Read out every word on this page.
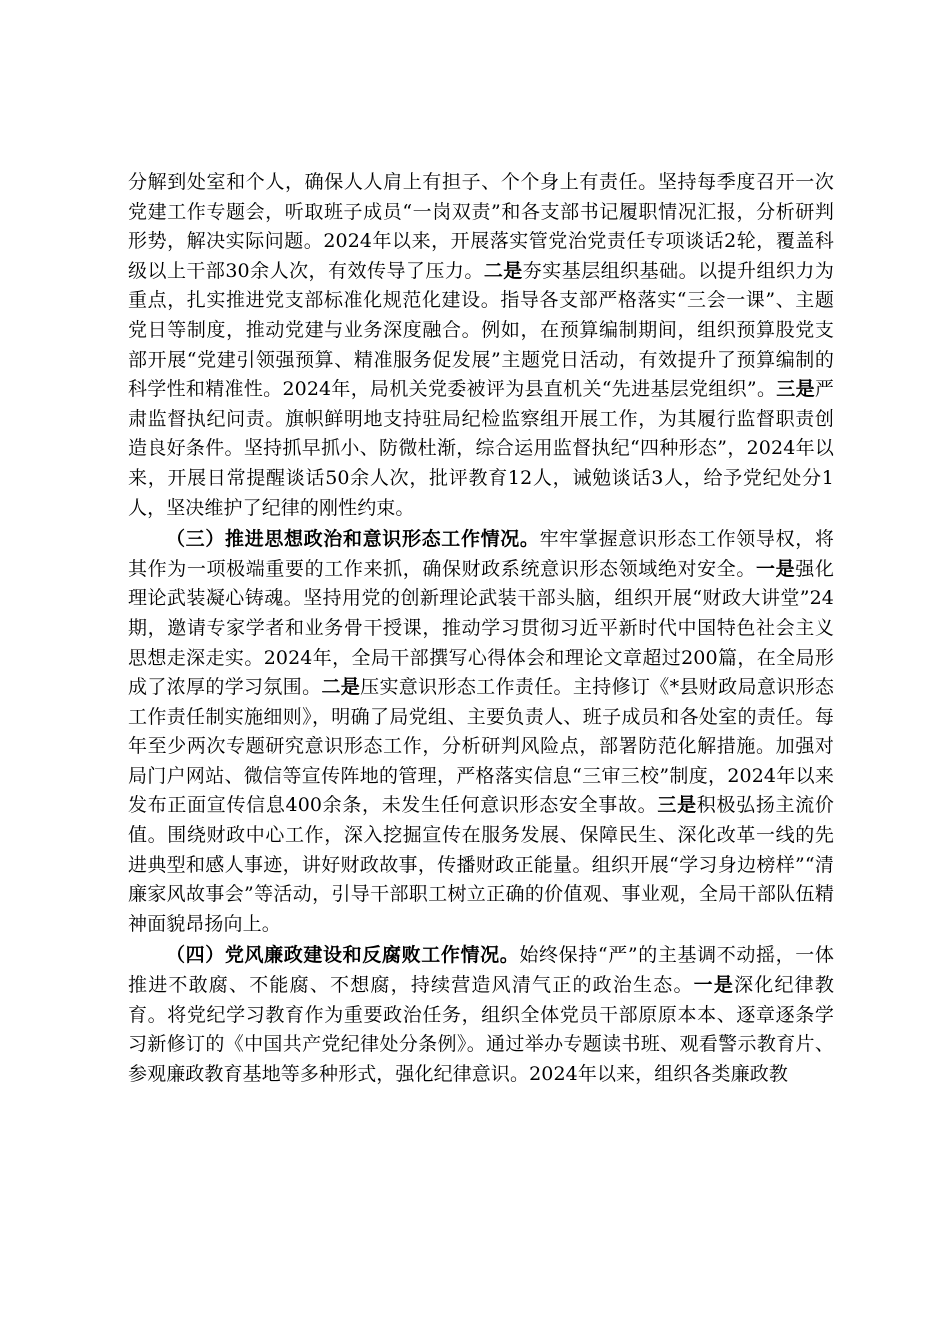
分解到处室和个人，确保人人肩上有担子、个个身上有责任。坚持每季度召开一次党建工作专题会，听取班子成员“一岗双责”和各支部书记履职情况汇报，分析研判形势，解决实际问题。2024年以来，开展落实管党治党责任专项谈话2轮，覆盖科级以上干部30余人次，有效传导了压力。二是夯实基层组织基础。以提升组织力为重点，扎实推进党支部标准化规范化建设。指导各支部严格落实“三会一课”、主题党日等制度，推动党建与业务深度融合。例如，在预算编制期间，组织预算股党支部开展“党建引领强预算、精准服务促发展”主题党日活动，有效提升了预算编制的科学性和精准性。2024年，局机关党委被评为县直机关“先进基层党组织”。三是严肃监督执纪问责。旗帜鲜明地支持驻局纪检监察组开展工作，为其履行监督职责创造良好条件。坚持抓早抓小、防微杜渐，综合运用监督执纪“四种形态”，2024年以来，开展日常提醒谈话50余人次，批评教育12人，诫勉谈话3人，给予党纪处分1人，坚决维护了纪律的刚性约束。

（三）推进思想政治和意识形态工作情况。牢牢掌握意识形态工作领导权，将其作为一项极端重要的工作来抓，确保财政系统意识形态领域绝对安全。一是强化理论武装凝心铸魂。坚持用党的创新理论武装干部头脑，组织开展“财政大讲堂”24期，邀请专家学者和业务骨干授课，推动学习贯彻习近平新时代中国特色社会主义思想走深走实。2024年，全局干部撰写心得体会和理论文章超过200篇，在全局形成了浓厚的学习氛围。二是压实意识形态工作责任。主持修订《*县财政局意识形态工作责任制实施细则》，明确了局党组、主要负责人、班子成员和各处室的责任。每年至少两次专题研究意识形态工作，分析研判风险点，部署防范化解措施。加强对局门户网站、微信等宣传阵地的管理，严格落实信息“三审三校”制度，2024年以来发布正面宣传信息400余条，未发生任何意识形态安全事故。三是积极弘扬主流价值。围绕财政中心工作，深入挖掘宣传在服务发展、保障民生、深化改革一线的先进典型和感人事迹，讲好财政故事，传播财政正能量。组织开展“学习身边榜样”“清廉家风故事会”等活动，引导干部职工树立正确的价值观、事业观，全局干部队伍精神面貌昂扬向上。

（四）党风廉政建设和反腐败工作情况。始终保持“严”的主基调不动摇，一体推进不敢腐、不能腐、不想腐，持续营造风清气正的政治生态。一是深化纪律教育。将党纪学习教育作为重要政治任务，组织全体党员干部原原本本、逐章逐条学习新修订的《中国共产党纪律处分条例》。通过举办专题读书班、观看警示教育片、参观廉政教育基地等多种形式，强化纪律意识。2024年以来，组织各类廉政教
